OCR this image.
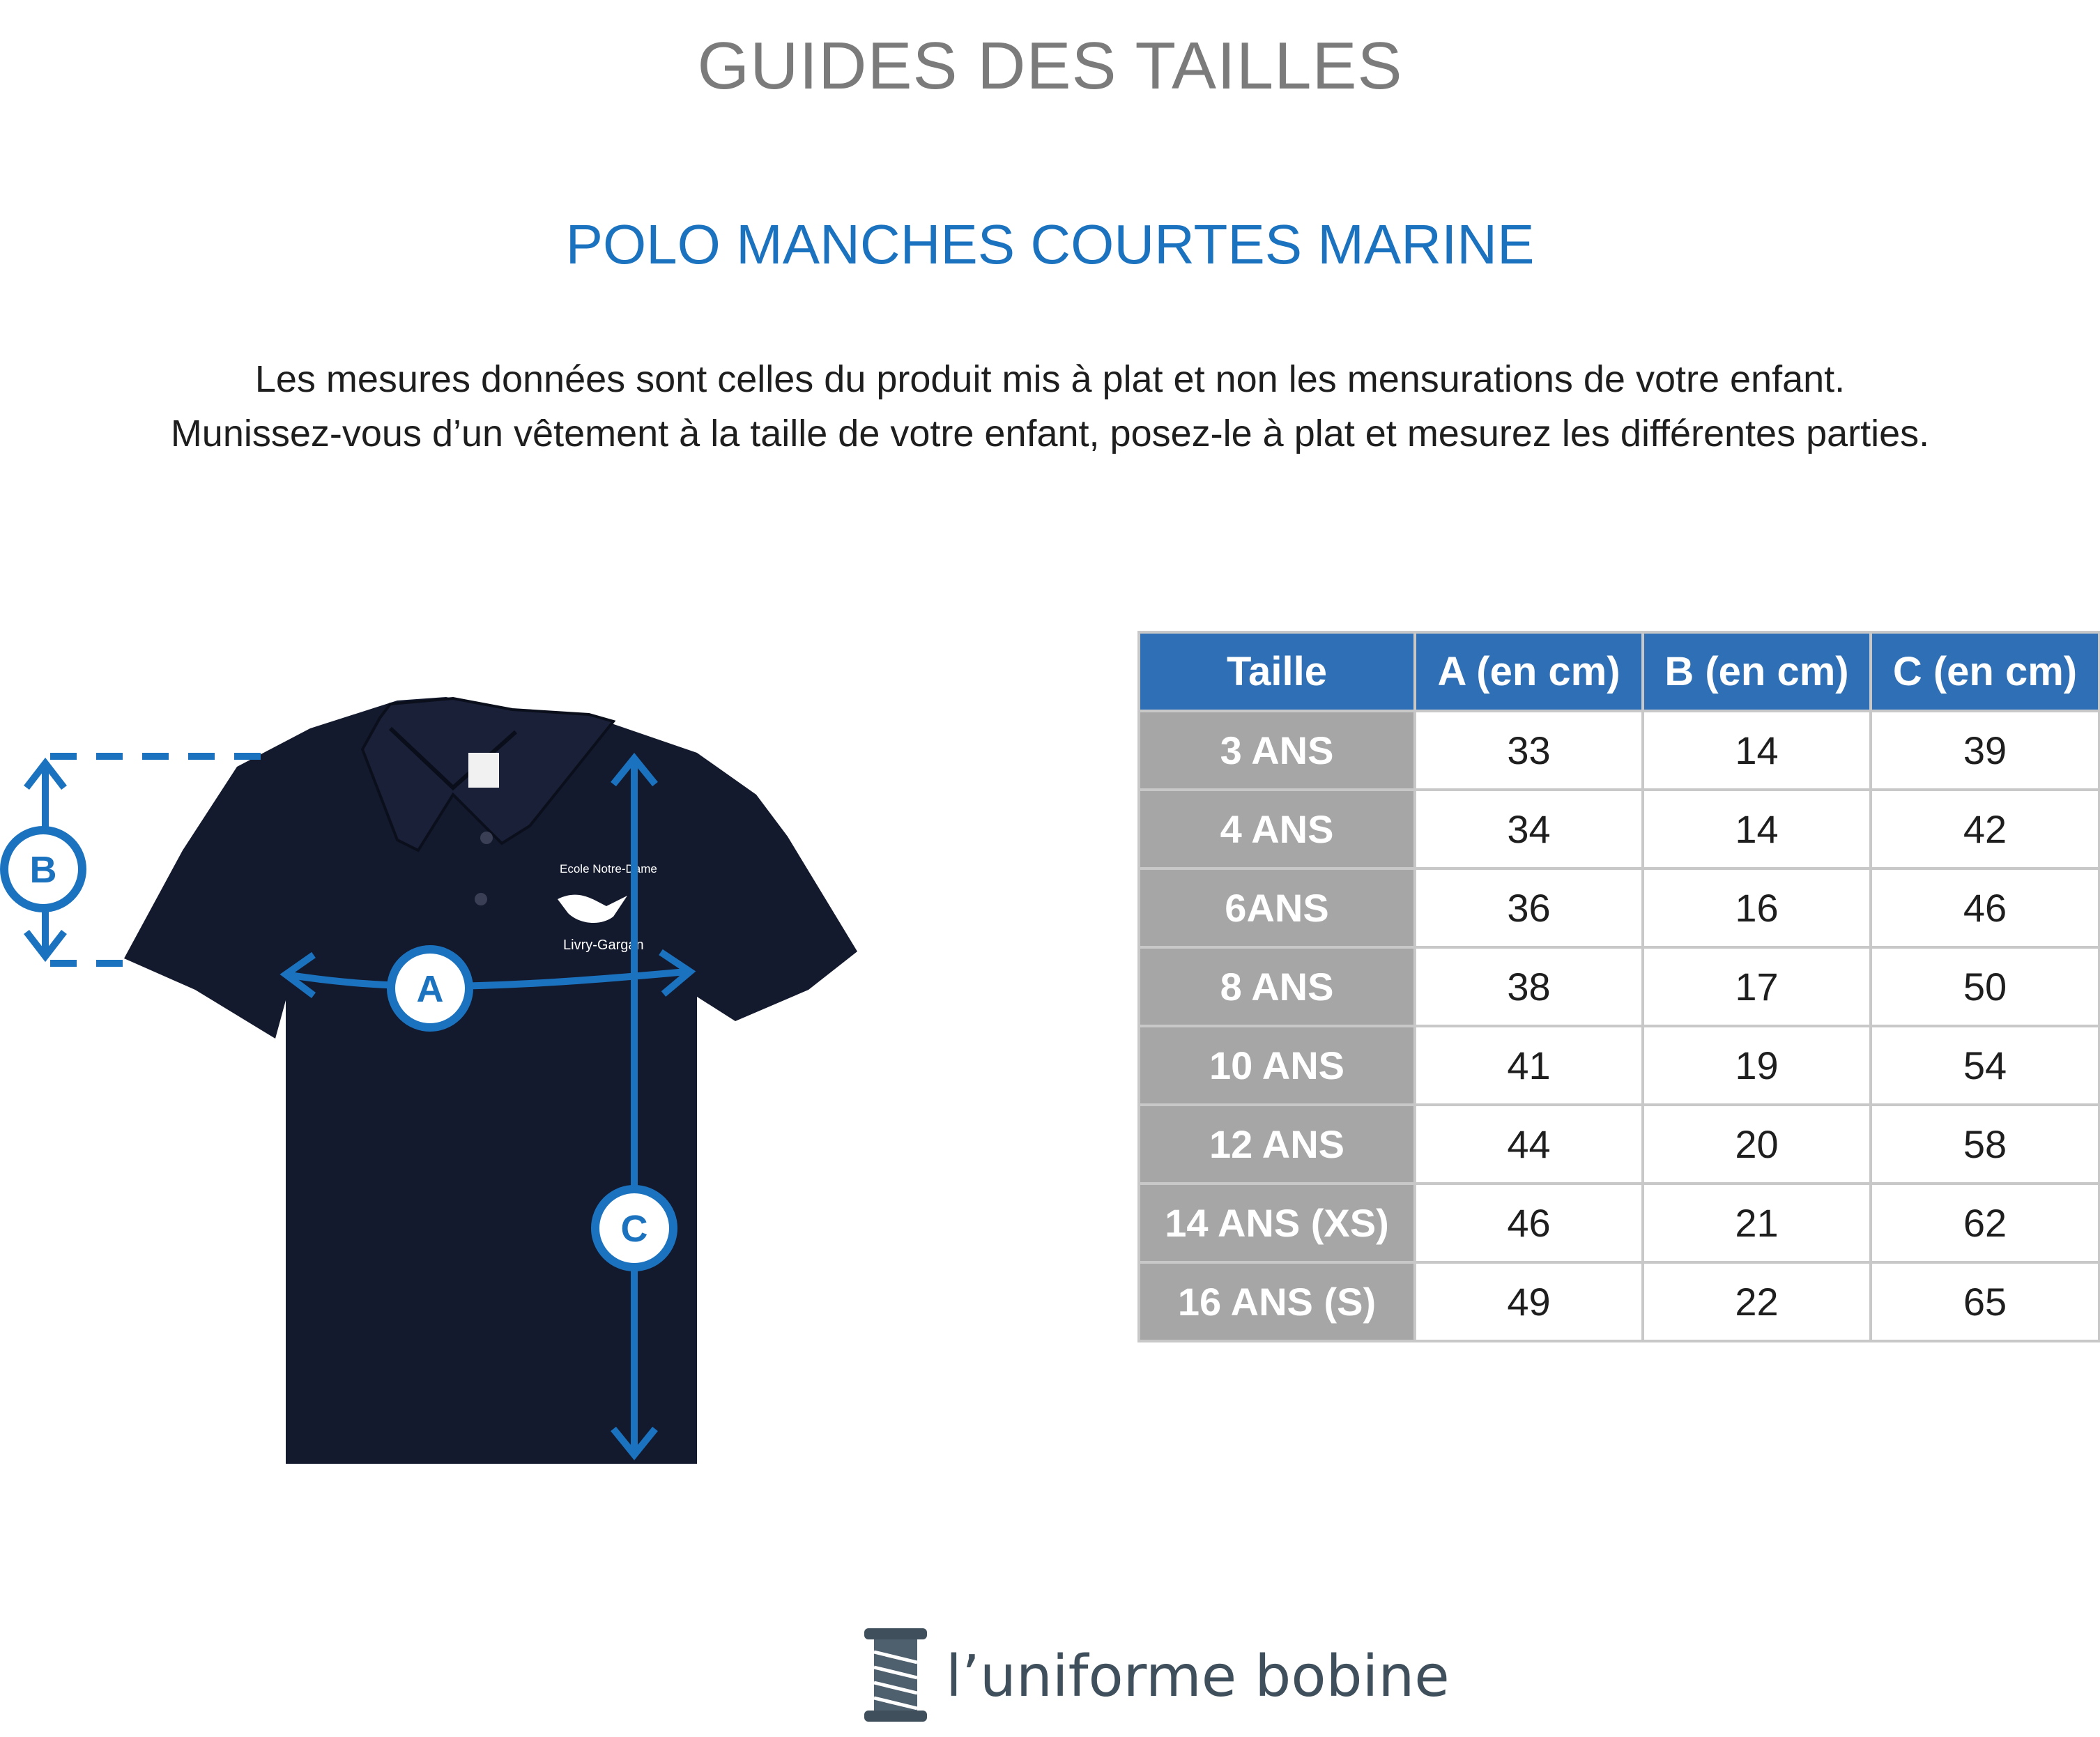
GUIDES DES TAILLES
POLO MANCHES COURTES MARINE

Les mesures données sont celles du produit mis à plat et non les mensurations de votre enfant.

Munissez-vous d’un vêtement à la taille de votre enfant, posez-le à plat et mesurez les différentes parties.

Ecole Notre-Dame
Livry-Gargan
B
A
C
Taille	A (en cm)	B (en cm)	C (en cm)
3 ANS	33	14	39
4 ANS	34	14	42
6ANS	36	16	46
8 ANS	38	17	50
10 ANS	41	19	54
12 ANS	44	20	58
14 ANS (XS)	46	21	62
16 ANS (S)	49	22	65
l’uniforme bobine
